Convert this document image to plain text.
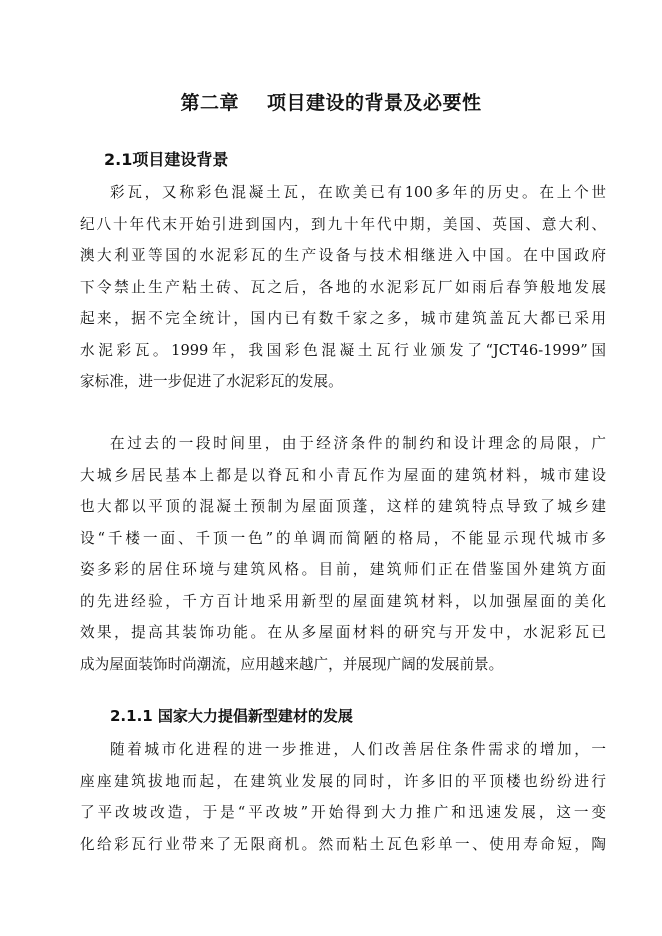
第二章 项目建设的背景及必要性
2.1项目建设背景
彩瓦，又称彩色混凝土瓦，在欧美已有100多年的历史。在上个世
纪八十年代末开始引进到国内，到九十年代中期，美国、英国、意大利、
澳大利亚等国的水泥彩瓦的生产设备与技术相继进入中国。在中国政府
下令禁止生产粘土砖、瓦之后，各地的水泥彩瓦厂如雨后春笋般地发展
起来，据不完全统计，国内已有数千家之多，城市建筑盖瓦大都已采用
水泥彩瓦。1999年，我国彩色混凝土瓦行业颁发了“JCT46-1999”国
家标准，进一步促进了水泥彩瓦的发展。
在过去的一段时间里，由于经济条件的制约和设计理念的局限，广
大城乡居民基本上都是以脊瓦和小青瓦作为屋面的建筑材料，城市建设
也大都以平顶的混凝土预制为屋面顶蓬，这样的建筑特点导致了城乡建
设“千楼一面、千顶一色”的单调而简陋的格局，不能显示现代城市多
姿多彩的居住环境与建筑风格。目前，建筑师们正在借鉴国外建筑方面
的先进经验，千方百计地采用新型的屋面建筑材料，以加强屋面的美化
效果，提高其装饰功能。在从多屋面材料的研究与开发中，水泥彩瓦已
成为屋面装饰时尚潮流，应用越来越广，并展现广阔的发展前景。
2.1.1 国家大力提倡新型建材的发展
随着城市化进程的进一步推进，人们改善居住条件需求的增加，一
座座建筑拔地而起，在建筑业发展的同时，许多旧的平顶楼也纷纷进行
了平改坡改造，于是“平改坡”开始得到大力推广和迅速发展，这一变
化给彩瓦行业带来了无限商机。然而粘土瓦色彩单一、使用寿命短，陶
